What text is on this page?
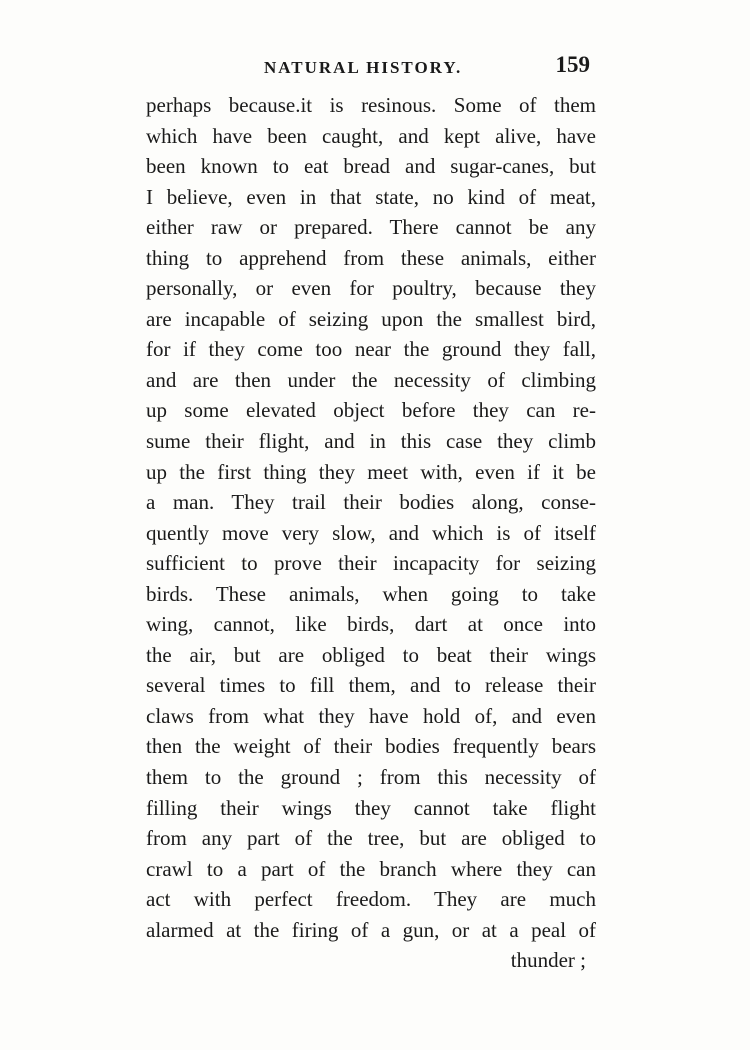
NATURAL HISTORY.	159
perhaps because.it is resinous. Some of them
which have been caught, and kept alive, have
been known to eat bread and sugar-canes, but
I believe, even in that state, no kind of meat,
either raw or prepared. There cannot be any
thing to apprehend from these animals, either
personally, or even for poultry, because they
are incapable of seizing upon the smallest bird,
for if they come too near the ground they fall,
and are then under the necessity of climbing
up some elevated object before they can re-
sume their flight, and in this case they climb
up the first thing they meet with, even if it be
a man. They trail their bodies along, conse-
quently move very slow, and which is of itself
sufficient to prove their incapacity for seizing
birds. These animals, when going to take
wing, cannot, like birds, dart at once into
the air, but are obliged to beat their wings
several times to fill them, and to release their
claws from what they have hold of, and even
then the weight of their bodies frequently bears
them to the ground ; from this necessity of
filling their wings they cannot take flight
from any part of the tree, but are obliged to
crawl to a part of the branch where they can
act with perfect freedom. They are much
alarmed at the firing of a gun, or at a peal of
thunder ;
